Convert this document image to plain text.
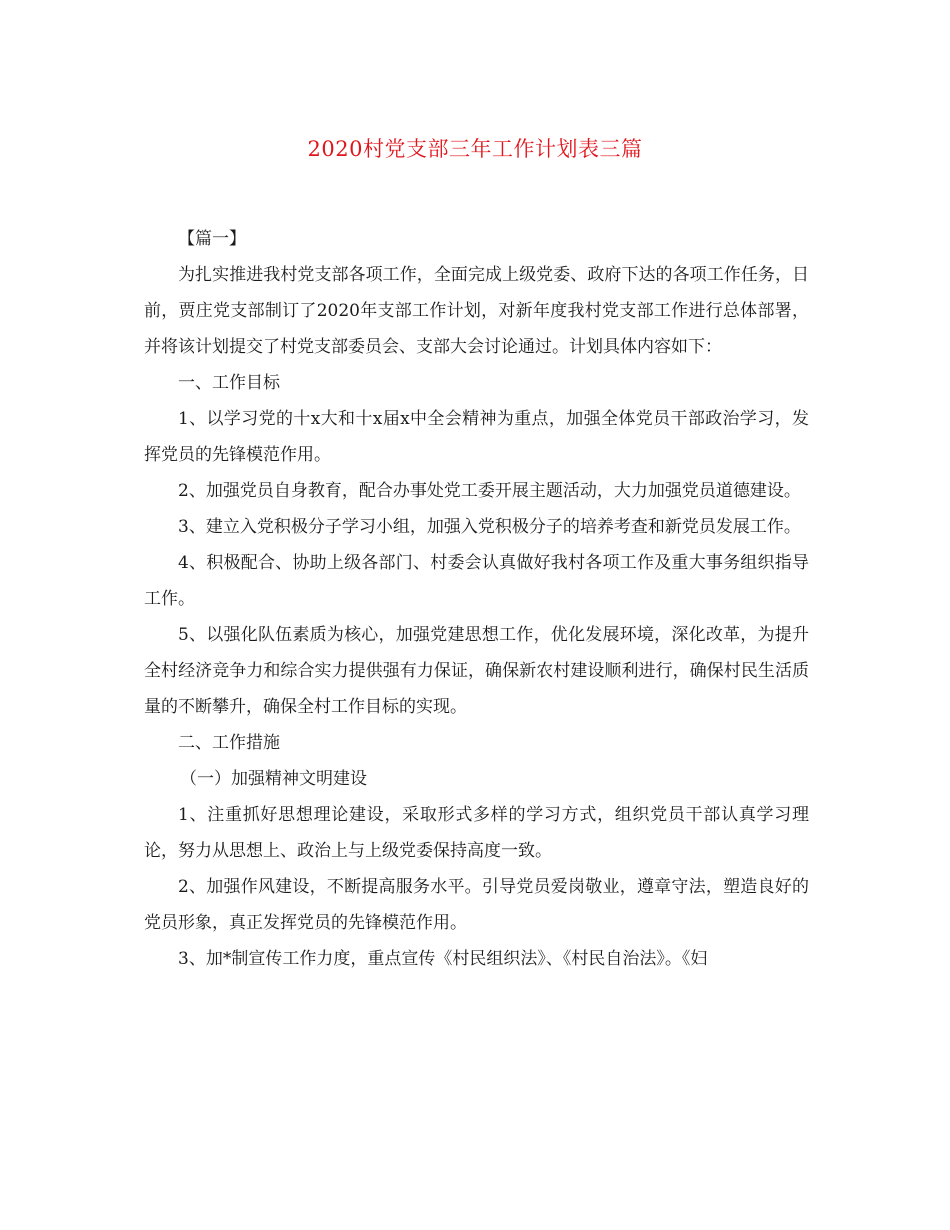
2020村党支部三年工作计划表三篇

【篇一】

为扎实推进我村党支部各项工作，全面完成上级党委、政府下达的各项工作任务，日前，贾庄党支部制订了2020年支部工作计划，对新年度我村党支部工作进行总体部署，并将该计划提交了村党支部委员会、支部大会讨论通过。计划具体内容如下：

一、工作目标

1、以学习党的十x大和十x届x中全会精神为重点，加强全体党员干部政治学习，发挥党员的先锋模范作用。

2、加强党员自身教育，配合办事处党工委开展主题活动，大力加强党员道德建设。

3、建立入党积极分子学习小组，加强入党积极分子的培养考查和新党员发展工作。

4、积极配合、协助上级各部门、村委会认真做好我村各项工作及重大事务组织指导工作。

5、以强化队伍素质为核心，加强党建思想工作，优化发展环境，深化改革，为提升全村经济竞争力和综合实力提供强有力保证，确保新农村建设顺利进行，确保村民生活质量的不断攀升，确保全村工作目标的实现。

二、工作措施

（一）加强精神文明建设

1、注重抓好思想理论建设，采取形式多样的学习方式，组织党员干部认真学习理论，努力从思想上、政治上与上级党委保持高度一致。

2、加强作风建设，不断提高服务水平。引导党员爱岗敬业，遵章守法，塑造良好的党员形象，真正发挥党员的先锋模范作用。

3、加*制宣传工作力度，重点宣传《村民组织法》、《村民自治法》。《妇
